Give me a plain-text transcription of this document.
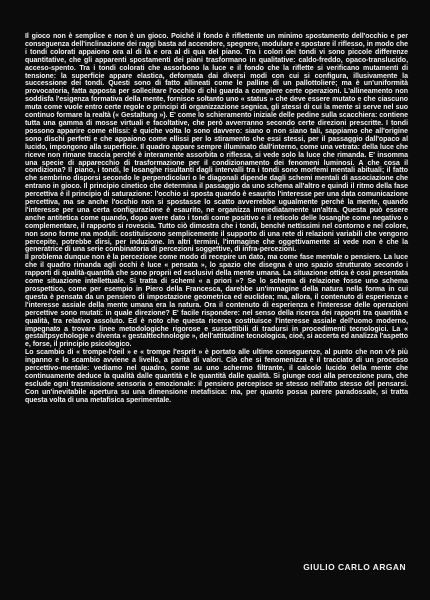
Il gioco non è semplice e non è un gioco. Poiché il fondo è riflettente un minimo spostamento dell'occhio e per conseguenza dell'inclinazione dei raggi basta ad accendere, spegnere, modulare e spostare il riflesso, in modo che i tondi colorati appaiono ora al di là e ora al di qua del piano. Tra i colori dei tondi vi sono piccole differenze quantitative, che gli apparenti spostamenti dei piani trasformano in qualitative: caldo-freddo, opaco-translucido, acceso-spento. Tra i tondi colorati che assorbono la luce e il fondo che la riflette si verificano mutamenti di tensione: la superficie appare elastica, deformata dai diversi modi con cui si configura, illusivamente la successione dei tondi. Questi sono di fatto allineati come le palline di un pallottoliere; ma è un'uniformità provocatoria, fatta apposta per sollecitare l'occhio di chi guarda a compiere certe operazioni. L'allineamento non soddisfa l'esigenza formativa della mente, fornisce soltanto uno « status » che deve essere mutato e che ciascuno muta come vuole entro certe regole o principi di organizzazione segnica, gli stessi di cui la mente si serve nel suo continuo formare la realtà (« Gestaltung »). E' come lo schieramento iniziale delle pedine sulla scacchiera: contiene tutta una gamma di mosse virtuali e facoltative, che però avverranno secondo certe direzioni prescritte. I tondi possono apparire come ellissi: è quiche volta lo sono davvero: siano o non siano tali, sappiamo che all'origine sono dischi perfetti e che appaiono come ellissi per lo stiramento che essi stessi, per il passaggio dall'opaco al lucido, impongono alla superficie. Il quadro appare sempre illuminato dall'interno, come una vetrata: della luce che riceve non rimane traccia perché è interamente assorbita o riflessa, si vede solo la luce che rimanda. E' insomma una specie di apparecchio di trasformazione per il condizionamento dei fenomeni luminosi. A che cosa il condiziona? Il piano, i tondi, le losanghe risultanti dagli intervalli tra i tondi sono morfemi mentali abituali; il fatto che sembrino disporsi secondo le perpendicolari o le diagonali dipende dagli schemi mentali di associazione che entrano in gioco. Il principio cinetico che determina il passaggio da uno schema all'altro e quindi il ritmo della fase percettiva è il principio di saturazione: l'occhio si sposta quando è esaurito l'interesse per una data comunicazione percettiva, ma se anche l'occhio non si spostasse lo scatto avverrebbe ugualmente perché la mente, quando l'interesse per una certa configurazione è esaurito, ne organizza immediatamente un'altra. Questa può essere anche antitetica come quando, dopo avere dato i tondi come positivo e il reticolo delle losanghe come negativo o complementare, il rapporto si rovescia. Tutto ciò dimostra che i tondi, benché nettissimi nel contorno e nel colore, non sono forme ma moduli: costituiscono semplicemente il supporto di una rete di relazioni variabili che vengono percepite, potrebbe dirsi, per induzione. In altri termini, l'immagine che oggettivamente si vede non è che la generatrice di una serie combinatoria di percezioni soggettive, di infra-percezioni.

Il problema dunque non è la percezione come modo di recepire un dato, ma come fase mentale o pensiero. La luce che il quadro rimanda agli occhi è luce « pensata », lo spazio che disegna è uno spazio strutturato secondo i rapporti di qualità-quantità che sono proprii ed esclusivi della mente umana. La situazione ottica è così presentata come situazione intellettuale. Si tratta di schemi « a priori »? Se lo schema di relazione fosse uno schema prospettico, come per esempio in Piero della Francesca, darebbe un'immagine della natura nella forma in cui questa è pensata da un pensiero di impostazione geometrica ed euclidea; ma, allora, il contenuto di esperienza e l'interesse assiale della mente umana era la natura. Ora il contenuto di esperienza e l'interesse delle operazioni percettive sono mutati: in quale direzione? E' facile rispondere: nel senso della ricerca dei rapporti tra quantità e qualità, tra relativo assoluto. Ed è noto che questa ricerca costituisce l'interesse assiale dell'uomo moderno, impegnato a trovare linee metodologiche rigorose e sussettibili di tradursi in procedimenti tecnologici. La « gestaltpsychologie » diventa « gestalttechnologie », dell'attitudine tecnologica, cioè, si accerta ed analizza l'aspetto e, forse, il principio psicologico.

Lo scambio di « trompe-l'oeil » e « trompe l'esprit » è portato alle ultime conseguenze, al punto che non v'è più inganno e lo scambio avviene a livello, a parità di valori. Ciò che si fenomenizza è il tracciato di un processo percettivo-mentale: vediamo nel quadro, come su uno schermo filtrante, il calcolo lucido della mente che continuamente deduce la qualità dalle quantità e le quantità dalle qualità. Si giunge così alla percezione pura, che esclude ogni trasmissione sensoria o emozionale: il pensiero percepisce se stesso nell'atto stesso del pensarsi. Con un'inevitabile apertura su una dimensione metafisica: ma, per quanto possa parere paradossale, si tratta questa volta di una metafisica sperimentale.

GIULIO CARLO ARGAN
